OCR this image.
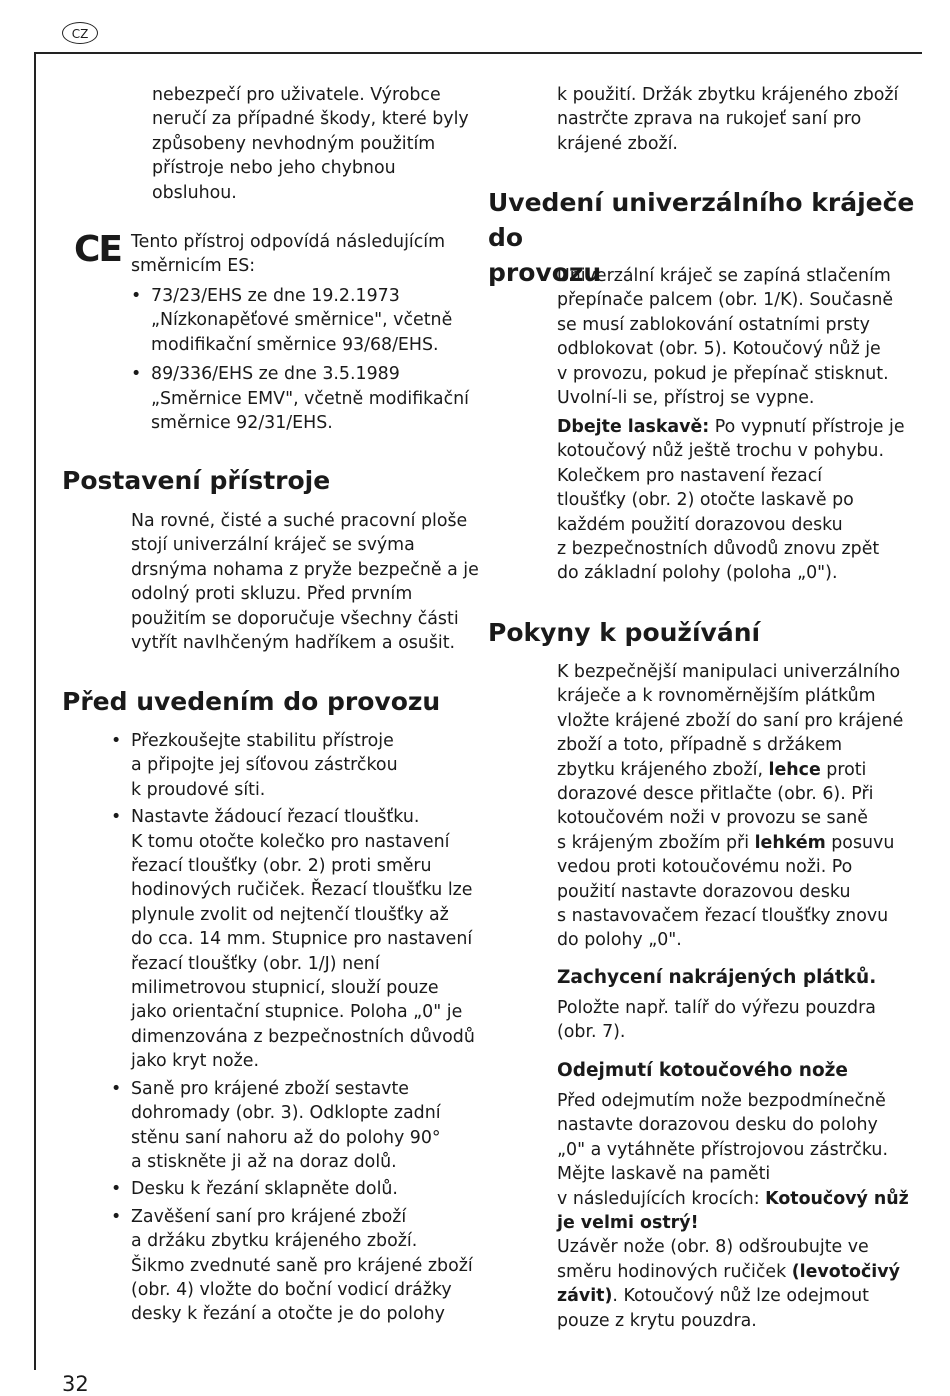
CZ

nebezpečí pro uživatele. Výrobce

neručí za případné škody, které byly

způsobeny nevhodným použitím

přístroje nebo jeho chybnou

obsluhou.

CE Tento přístroj odpovídá následujícím

směrnicím ES:

• 73/23/EHS ze dne 19.2.1973
„Nízkonapěťové směrnice", včetně
modifikační směrnice 93/68/EHS.
• 89/336/EHS ze dne 3.5.1989
„Směrnice EMV", včetně modifikační
směrnice 92/31/EHS.
Postavení přístroje

Na rovné, čisté a suché pracovní ploše

stojí univerzální kráječ se svýma

drsnýma nohama z pryže bezpečně a je

odolný proti skluzu. Před prvním

použitím se doporučuje všechny části

vytřít navlhčeným hadříkem a osušit.

Před uvedením do provozu
• Přezkoušejte stabilitu přístroje
a připojte jej síťovou zástrčkou
k proudové síti.
• Nastavte žádoucí řezací tloušťku.
K tomu otočte kolečko pro nastavení
řezací tloušťky (obr. 2) proti směru
hodinových ručiček. Řezací tloušťku lze
plynule zvolit od nejtenčí tloušťky až
do cca. 14 mm. Stupnice pro nastavení
řezací tloušťky (obr. 1/J) není
milimetrovou stupnicí, slouží pouze
jako orientační stupnice. Poloha „0" je
dimenzována z bezpečnostních důvodů
jako kryt nože.
• Saně pro krájené zboží sestavte
dohromady (obr. 3). Odklopte zadní
stěnu saní nahoru až do polohy 90°
a stiskněte ji až na doraz dolů.
• Desku k řezání sklapněte dolů.
• Zavěšení saní pro krájené zboží
a držáku zbytku krájeného zboží.
Šikmo zvednuté saně pro krájené zboží
(obr. 4) vložte do boční vodicí drážky
desky k řezání a otočte je do polohy

k použití. Držák zbytku krájeného zboží

nastrčte zprava na rukojeť saní pro

krájené zboží.

Uvedení univerzálního kráječe do
provozu

Univerzální kráječ se zapíná stlačením

přepínače palcem (obr. 1/K). Současně

se musí zablokování ostatními prsty

odblokovat (obr. 5). Kotoučový nůž je

v provozu, pokud je přepínač stisknut.

Uvolní-li se, přístroj se vypne.

Dbejte laskavě: Po vypnutí přístroje je

kotoučový nůž ještě trochu v pohybu.

Kolečkem pro nastavení řezací

tloušťky (obr. 2) otočte laskavě po

každém použití dorazovou desku

z bezpečnostních důvodů znovu zpět

do základní polohy (poloha „0").

Pokyny k používání

K bezpečnější manipulaci univerzálního

kráječe a k rovnoměrnějším plátkům

vložte krájené zboží do saní pro krájené

zboží a toto, případně s držákem

zbytku krájeného zboží, lehce proti

dorazové desce přitlačte (obr. 6). Při

kotoučovém noži v provozu se saně

s krájeným zbožím při lehkém posuvu

vedou proti kotoučovému noži. Po

použití nastavte dorazovou desku

s nastavovačem řezací tloušťky znovu

do polohy „0".

Zachycení nakrájených plátků.

Položte např. talíř do výřezu pouzdra

(obr. 7).

Odejmutí kotoučového nože

Před odejmutím nože bezpodmínečně

nastavte dorazovou desku do polohy

„0" a vytáhněte přístrojovou zástrčku.

Mějte laskavě na paměti

v následujících krocích: Kotoučový nůž

je velmi ostrý!

Uzávěr nože (obr. 8) odšroubujte ve

směru hodinových ručiček (levotočivý

závit). Kotoučový nůž lze odejmout

pouze z krytu pouzdra.

32
